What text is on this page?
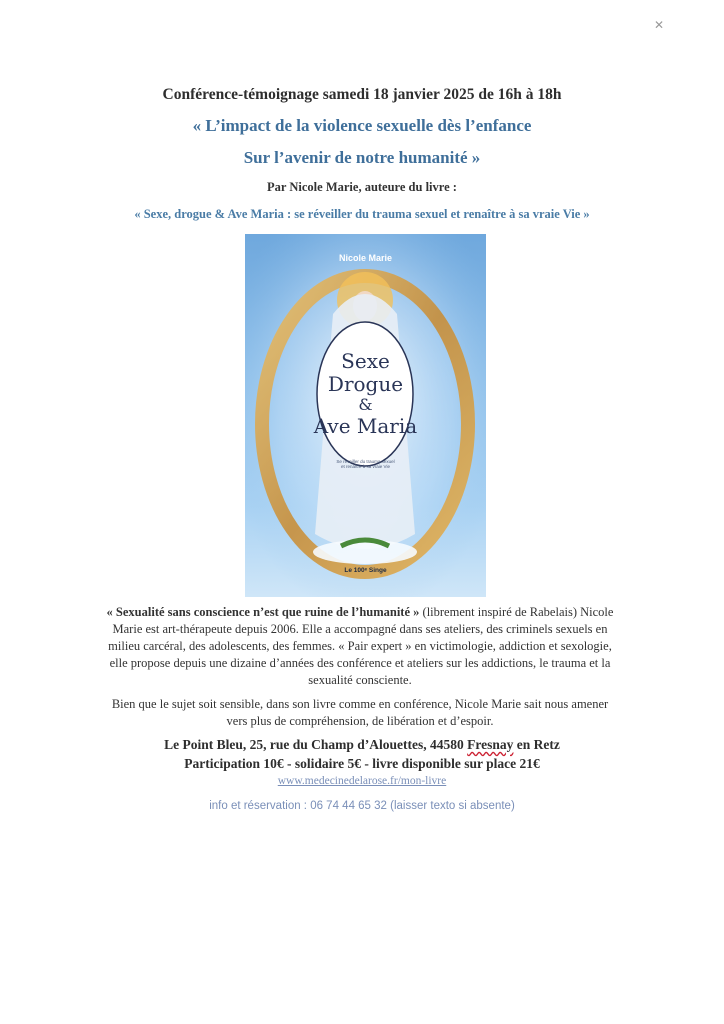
✕
Conférence-témoignage samedi 18 janvier 2025 de 16h à 18h
« L’impact de la violence sexuelle dès l’enfance
Sur l’avenir de notre humanité »
Par Nicole Marie, auteure du livre :
« Sexe, drogue & Ave Maria : se réveiller du trauma sexuel et renaître à sa vraie Vie »
Nicole Marie
Sexe
Drogue
&
Ave Maria
Se réveiller du trauma sexuel
et renaître à sa vraie Vie
Le 100ᵉ Singe
« Sexualité sans conscience n’est que ruine de l’humanité » (librement inspiré de Rabelais) Nicole
Marie est art-thérapeute depuis 2006. Elle a accompagné dans ses ateliers, des criminels sexuels en
milieu carcéral, des adolescents, des femmes. « Pair expert » en victimologie, addiction et sexologie,
elle propose depuis une dizaine d’années des conférence et ateliers sur les addictions, le trauma et la
sexualité consciente.
Bien que le sujet soit sensible, dans son livre comme en conférence, Nicole Marie sait nous amener
vers plus de compréhension, de libération et d’espoir.
Le Point Bleu, 25, rue du Champ d’Alouettes, 44580 Fresnay en Retz
Participation 10€ - solidaire 5€ - livre disponible sur place 21€
www.medecinedelarose.fr/mon-livre
info et réservation : 06 74 44 65 32 (laisser texto si absente)
